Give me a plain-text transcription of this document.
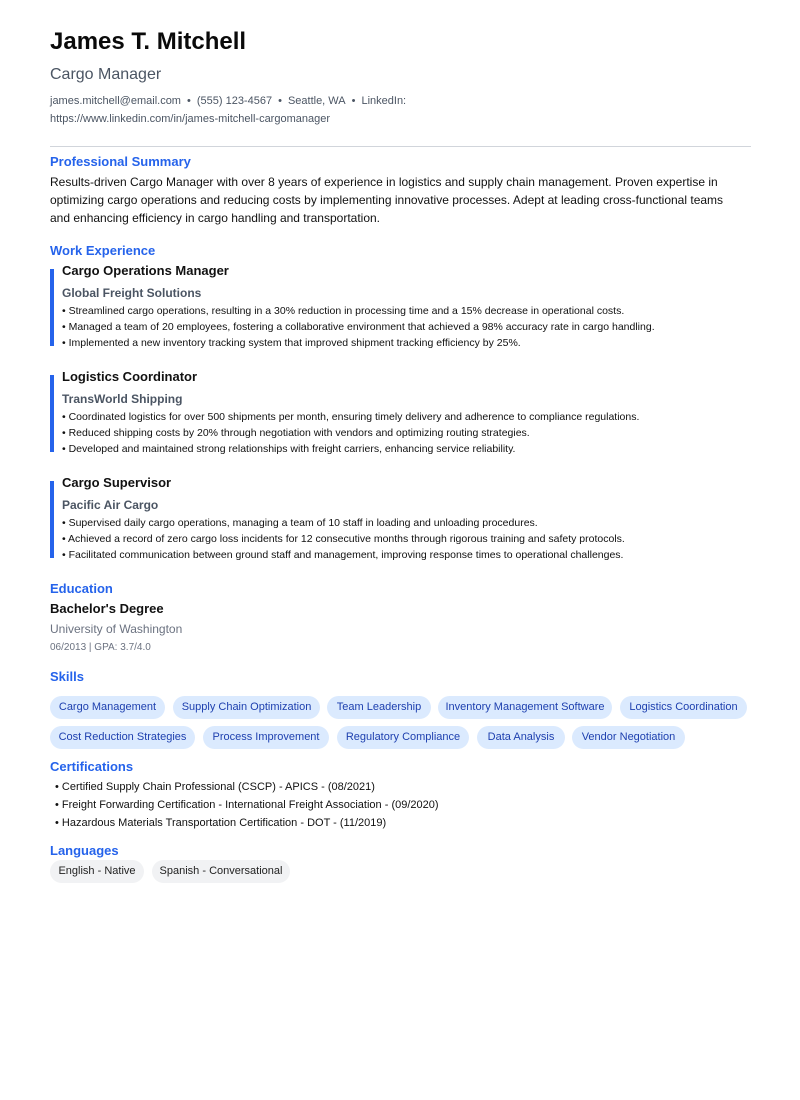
James T. Mitchell
Cargo Manager
james.mitchell@email.com • (555) 123-4567 • Seattle, WA • LinkedIn:
https://www.linkedin.com/in/james-mitchell-cargomanager
Professional Summary
Results-driven Cargo Manager with over 8 years of experience in logistics and supply chain management. Proven expertise in
optimizing cargo operations and reducing costs by implementing innovative processes. Adept at leading cross-functional teams
and enhancing efficiency in cargo handling and transportation.
Work Experience
Cargo Operations Manager
Global Freight Solutions
• Streamlined cargo operations, resulting in a 30% reduction in processing time and a 15% decrease in operational costs.
• Managed a team of 20 employees, fostering a collaborative environment that achieved a 98% accuracy rate in cargo handling.
• Implemented a new inventory tracking system that improved shipment tracking efficiency by 25%.
Logistics Coordinator
TransWorld Shipping
• Coordinated logistics for over 500 shipments per month, ensuring timely delivery and adherence to compliance regulations.
• Reduced shipping costs by 20% through negotiation with vendors and optimizing routing strategies.
• Developed and maintained strong relationships with freight carriers, enhancing service reliability.
Cargo Supervisor
Pacific Air Cargo
• Supervised daily cargo operations, managing a team of 10 staff in loading and unloading procedures.
• Achieved a record of zero cargo loss incidents for 12 consecutive months through rigorous training and safety protocols.
• Facilitated communication between ground staff and management, improving response times to operational challenges.
Education
Bachelor's Degree
University of Washington
06/2013 | GPA: 3.7/4.0
Skills
Cargo Management	Supply Chain Optimization	Team Leadership	Inventory Management Software	Logistics Coordination
Cost Reduction Strategies	Process Improvement	Regulatory Compliance	Data Analysis	Vendor Negotiation
Certifications
• Certified Supply Chain Professional (CSCP) - APICS - (08/2021)
• Freight Forwarding Certification - International Freight Association - (09/2020)
• Hazardous Materials Transportation Certification - DOT - (11/2019)
Languages
English - Native	Spanish - Conversational
